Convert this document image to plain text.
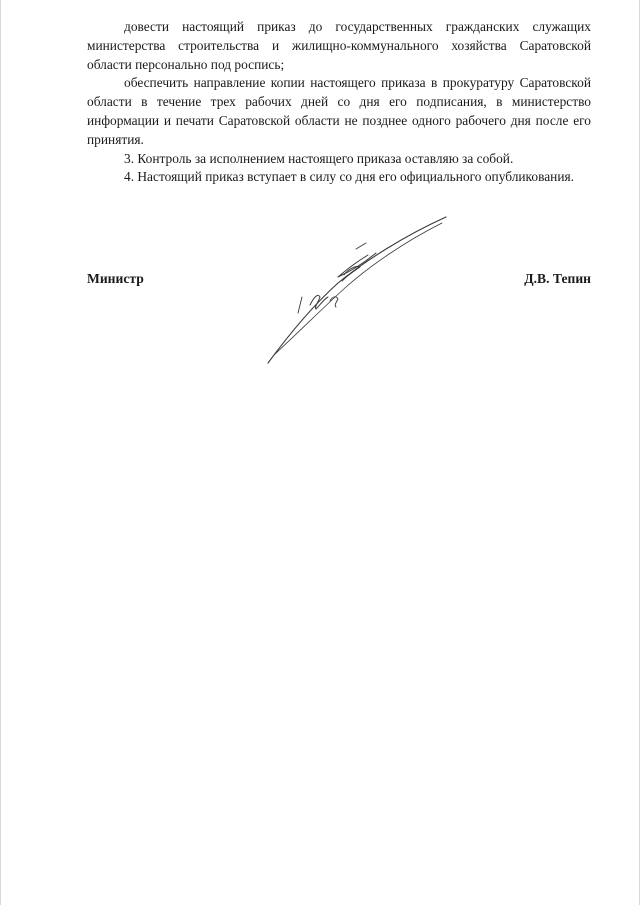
довести настоящий приказ до государственных гражданских служащих министерства строительства и жилищно-коммунального хозяйства Саратовской области персонально под роспись;

обеспечить направление копии настоящего приказа в прокуратуру Саратовской области в течение трех рабочих дней со дня его подписания, в министерство информации и печати Саратовской области не позднее одного рабочего дня после его принятия.

3. Контроль за исполнением настоящего приказа оставляю за собой.

4. Настоящий приказ вступает в силу со дня его официального опубликования.

Министр	Д.В. Тепин
